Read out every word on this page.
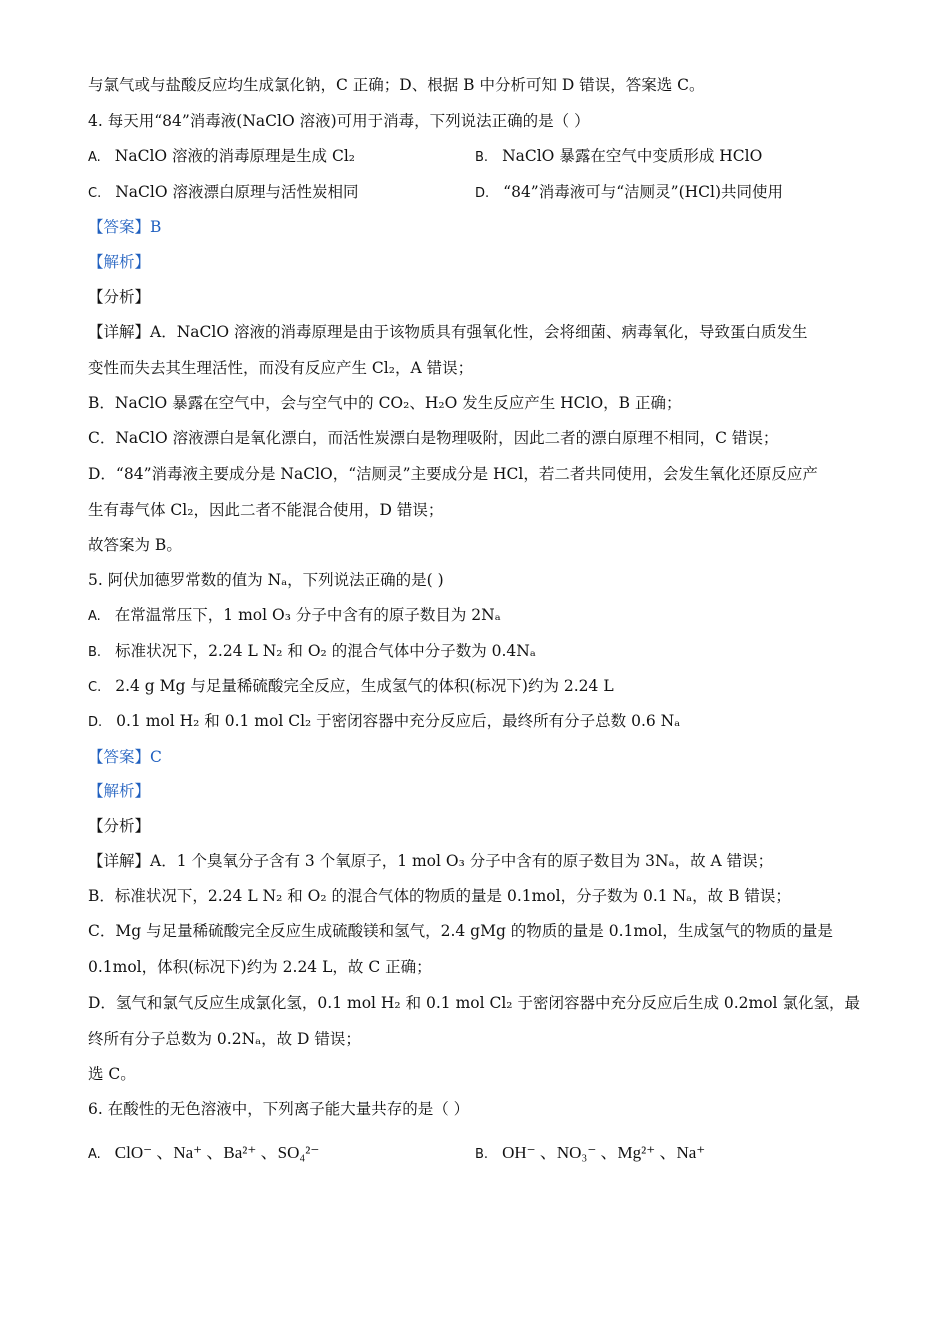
与氯气或与盐酸反应均生成氯化钠，C 正确；D、根据 B 中分析可知 D 错误，答案选 C。
4. 每天用“84”消毒液(NaClO 溶液)可用于消毒，下列说法正确的是（ ）
A. NaClO 溶液的消毒原理是生成 Cl₂	B. NaClO 暴露在空气中变质形成 HClO
C. NaClO 溶液漂白原理与活性炭相同	D. “84”消毒液可与“洁厕灵”(HCl)共同使用
【答案】B
【解析】
【分析】
【详解】A．NaClO 溶液的消毒原理是由于该物质具有强氧化性，会将细菌、病毒氧化，导致蛋白质发生
变性而失去其生理活性，而没有反应产生 Cl₂，A 错误；
B．NaClO 暴露在空气中，会与空气中的 CO₂、H₂O 发生反应产生 HClO，B 正确；
C．NaClO 溶液漂白是氧化漂白，而活性炭漂白是物理吸附，因此二者的漂白原理不相同，C 错误；
D．“84”消毒液主要成分是 NaClO，“洁厕灵”主要成分是 HCl，若二者共同使用，会发生氧化还原反应产
生有毒气体 Cl₂，因此二者不能混合使用，D 错误；
故答案为 B。
5. 阿伏加德罗常数的值为 Nₐ，下列说法正确的是( )
A. 在常温常压下，1 mol O₃ 分子中含有的原子数目为 2Nₐ
B. 标准状况下，2.24 L N₂ 和 O₂ 的混合气体中分子数为 0.4Nₐ
C. 2.4 g Mg 与足量稀硫酸完全反应，生成氢气的体积(标况下)约为 2.24 L
D. 0.1 mol H₂ 和 0.1 mol Cl₂ 于密闭容器中充分反应后，最终所有分子总数 0.6 Nₐ
【答案】C
【解析】
【分析】
【详解】A．1 个臭氧分子含有 3 个氧原子，1 mol O₃ 分子中含有的原子数目为 3Nₐ，故 A 错误；
B．标准状况下，2.24 L N₂ 和 O₂ 的混合气体的物质的量是 0.1mol，分子数为 0.1 Nₐ，故 B 错误；
C．Mg 与足量稀硫酸完全反应生成硫酸镁和氢气，2.4 gMg 的物质的量是 0.1mol，生成氢气的物质的量是
0.1mol，体积(标况下)约为 2.24 L，故 C 正确；
D．氢气和氯气反应生成氯化氢，0.1 mol H₂ 和 0.1 mol Cl₂ 于密闭容器中充分反应后生成 0.2mol 氯化氢，最
终所有分子总数为 0.2Nₐ，故 D 错误；
选 C。
6. 在酸性的无色溶液中，下列离子能大量共存的是（ ）
A. ClO⁻ 、Na⁺ 、Ba²⁺ 、SO₄²⁻	B. OH⁻ 、NO₃⁻ 、Mg²⁺ 、Na⁺
